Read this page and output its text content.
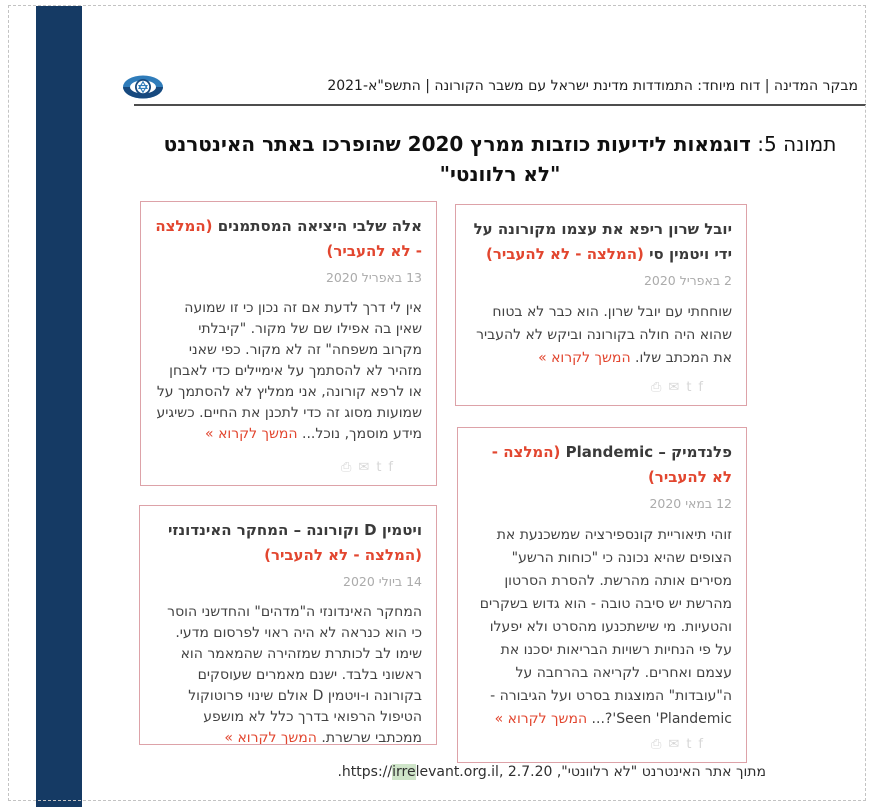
מבקר המדינה | דוח מיוחד: התמודדות מדינת ישראל עם משבר הקורונה | התשפ"א-2021
תמונה 5: דוגמאות לידיעות כוזבות ממרץ 2020 שהופרכו באתר האינטרנט
"לא רלוונטי"
אלה שלבי היציאה המסתמנים (המלצה - לא להעביר)
13 באפריל 2020
אין לי דרך לדעת אם זה נכון כי זו שמועה שאין בה אפילו שם של מקור. "קיבלתי מקרוב משפחה" זה לא מקור. כפי שאני מזהיר לא להסתמך על אימיילים כדי לאבחן או לרפא קורונה, אני ממליץ לא להסתמך על שמועות מסוג זה כדי לתכנן את החיים. כשיגיע מידע מוסמך, נוכל... המשך לקרוא »
⎙✉tf
יובל שרון ריפא את עצמו מקורונה על ידי ויטמין סי (המלצה - לא להעביר)
2 באפריל 2020
שוחחתי עם יובל שרון. הוא כבר לא בטוח שהוא היה חולה בקורונה וביקש לא להעביר את המכתב שלו. המשך לקרוא »
⎙✉tf
ויטמין D וקורונה – המחקר האינדונזי (המלצה - לא להעביר)
14 ביולי 2020
המחקר האינדונזי ה"מדהים" והחדשני הוסר כי הוא כנראה לא היה ראוי לפרסום מדעי. שימו לב לכותרת שמזהירה שהמאמר הוא ראשוני בלבד. ישנם מאמרים שעוסקים בקורונה ו-ויטמין D אולם שינוי פרוטוקול הטיפול הרפואי בדרך כלל לא מושפע ממכתבי שרשרת. המשך לקרוא »
פלנדמיק – Plandemic (המלצה - לא להעביר)
12 במאי 2020
זוהי תיאוריית קונספירציה שמשכנעת את הצופים שהיא נכונה כי "כוחות הרשע" מסירים אותה מהרשת. להסרת הסרטון מהרשת יש סיבה טובה - הוא גדוש בשקרים והטעיות. מי שישתכנעו מהסרט ולא יפעלו על פי הנחיות רשויות הבריאות יסכנו את עצמם ואחרים. לקריאה בהרחבה על ה"עובדות" המוצגות בסרט ועל הגיבורה - Seen 'Plandemic'?... המשך לקרוא »
⎙✉tf
מתוך אתר האינטרנט "לא רלוונטי", https://irrelevant.org.il, 2.7.20.
